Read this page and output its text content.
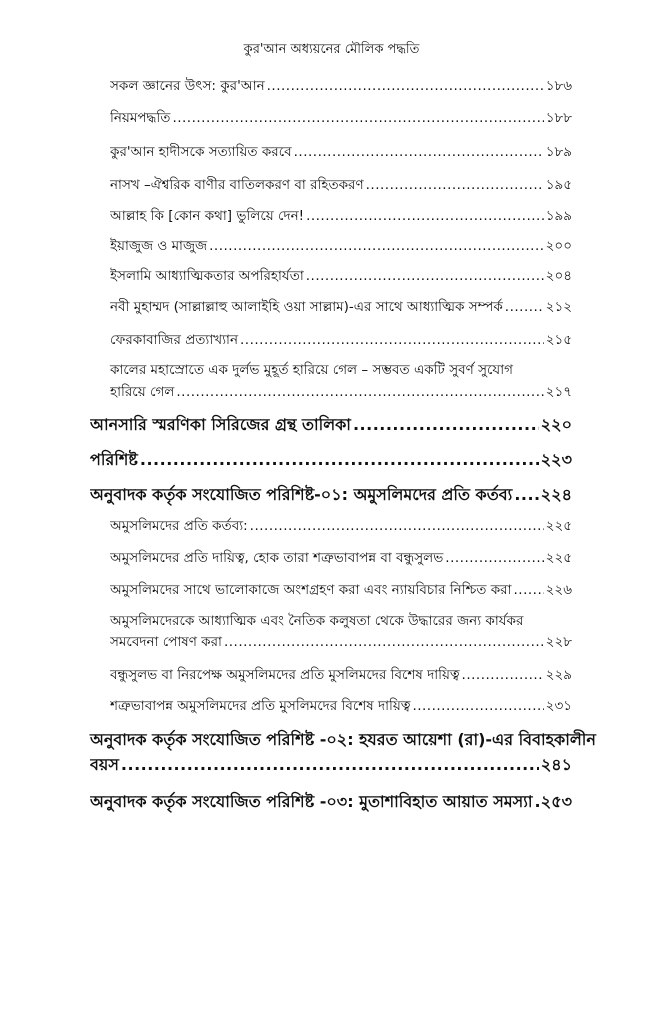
কুর'আন অধ্যয়নের মৌলিক পদ্ধতি
সকল জ্ঞানের উৎস: কুর'আন .....	১৮৬
নিয়মপদ্ধতি .....	১৮৮
কুর'আন হাদীসকে সত্যায়িত করবে .....	১৮৯
নাসখ –ঐশ্বরিক বাণীর বাতিলকরণ বা রহিতকরণ .....	১৯৫
আল্লাহ কি [কোন কথা] ভুলিয়ে দেন! .....	১৯৯
ইয়াজুজ ও মাজুজ .....	২০০
ইসলামি আধ্যাত্মিকতার অপরিহার্যতা .....	২০৪
নবী মুহাম্মদ (সাল্লাল্লাহু আলাইহি ওয়া সাল্লাম)-এর সাথে আধ্যাত্মিক সম্পর্ক .....	২১২
ফেরকাবাজির প্রত্যাখ্যান .....	২১৫
কালের মহাস্রোতে এক দুর্লভ মুহূর্ত হারিয়ে গেল – সম্ভবত একটি সুবর্ণ সুযোগ
হারিয়ে গেল .....	২১৭
আনসারি স্মরণিকা সিরিজের গ্রন্থ তালিকা .....	২২০
পরিশিষ্ট .....	২২৩
অনুবাদক কর্তৃক সংযোজিত পরিশিষ্ট-০১: অমুসলিমদের প্রতি কর্তব্য ..... ২২৪
অমুসলিমদের প্রতি কর্তব্য: .....	২২৫
অমুসলিমদের প্রতি দায়িত্ব, হোক তারা শত্রুভাবাপন্ন বা বন্ধুসুলভ .....	২২৫
অমুসলিমদের সাথে ভালোকাজে অংশগ্রহণ করা এবং ন্যায়বিচার নিশ্চিত করা .....	২২৬
অমুসলিমদেরকে আধ্যাত্মিক এবং নৈতিক কলুষতা থেকে উদ্ধারের জন্য কার্যকর
সমবেদনা পোষণ করা .....	২২৮
বন্ধুসুলভ বা নিরপেক্ষ অমুসলিমদের প্রতি মুসলিমদের বিশেষ দায়িত্ব .....	২২৯
শত্রুভাবাপন্ন অমুসলিমদের প্রতি মুসলিমদের বিশেষ দায়িত্ব .....	২৩১
অনুবাদক কর্তৃক সংযোজিত পরিশিষ্ট -০২: হযরত আয়েশা (রা)-এর বিবাহকালীন
বয়স .....	২৪১
অনুবাদক কর্তৃক সংযোজিত পরিশিষ্ট -০৩: মুতাশাবিহাত আয়াত সমস্যা ..... ২৫৩
